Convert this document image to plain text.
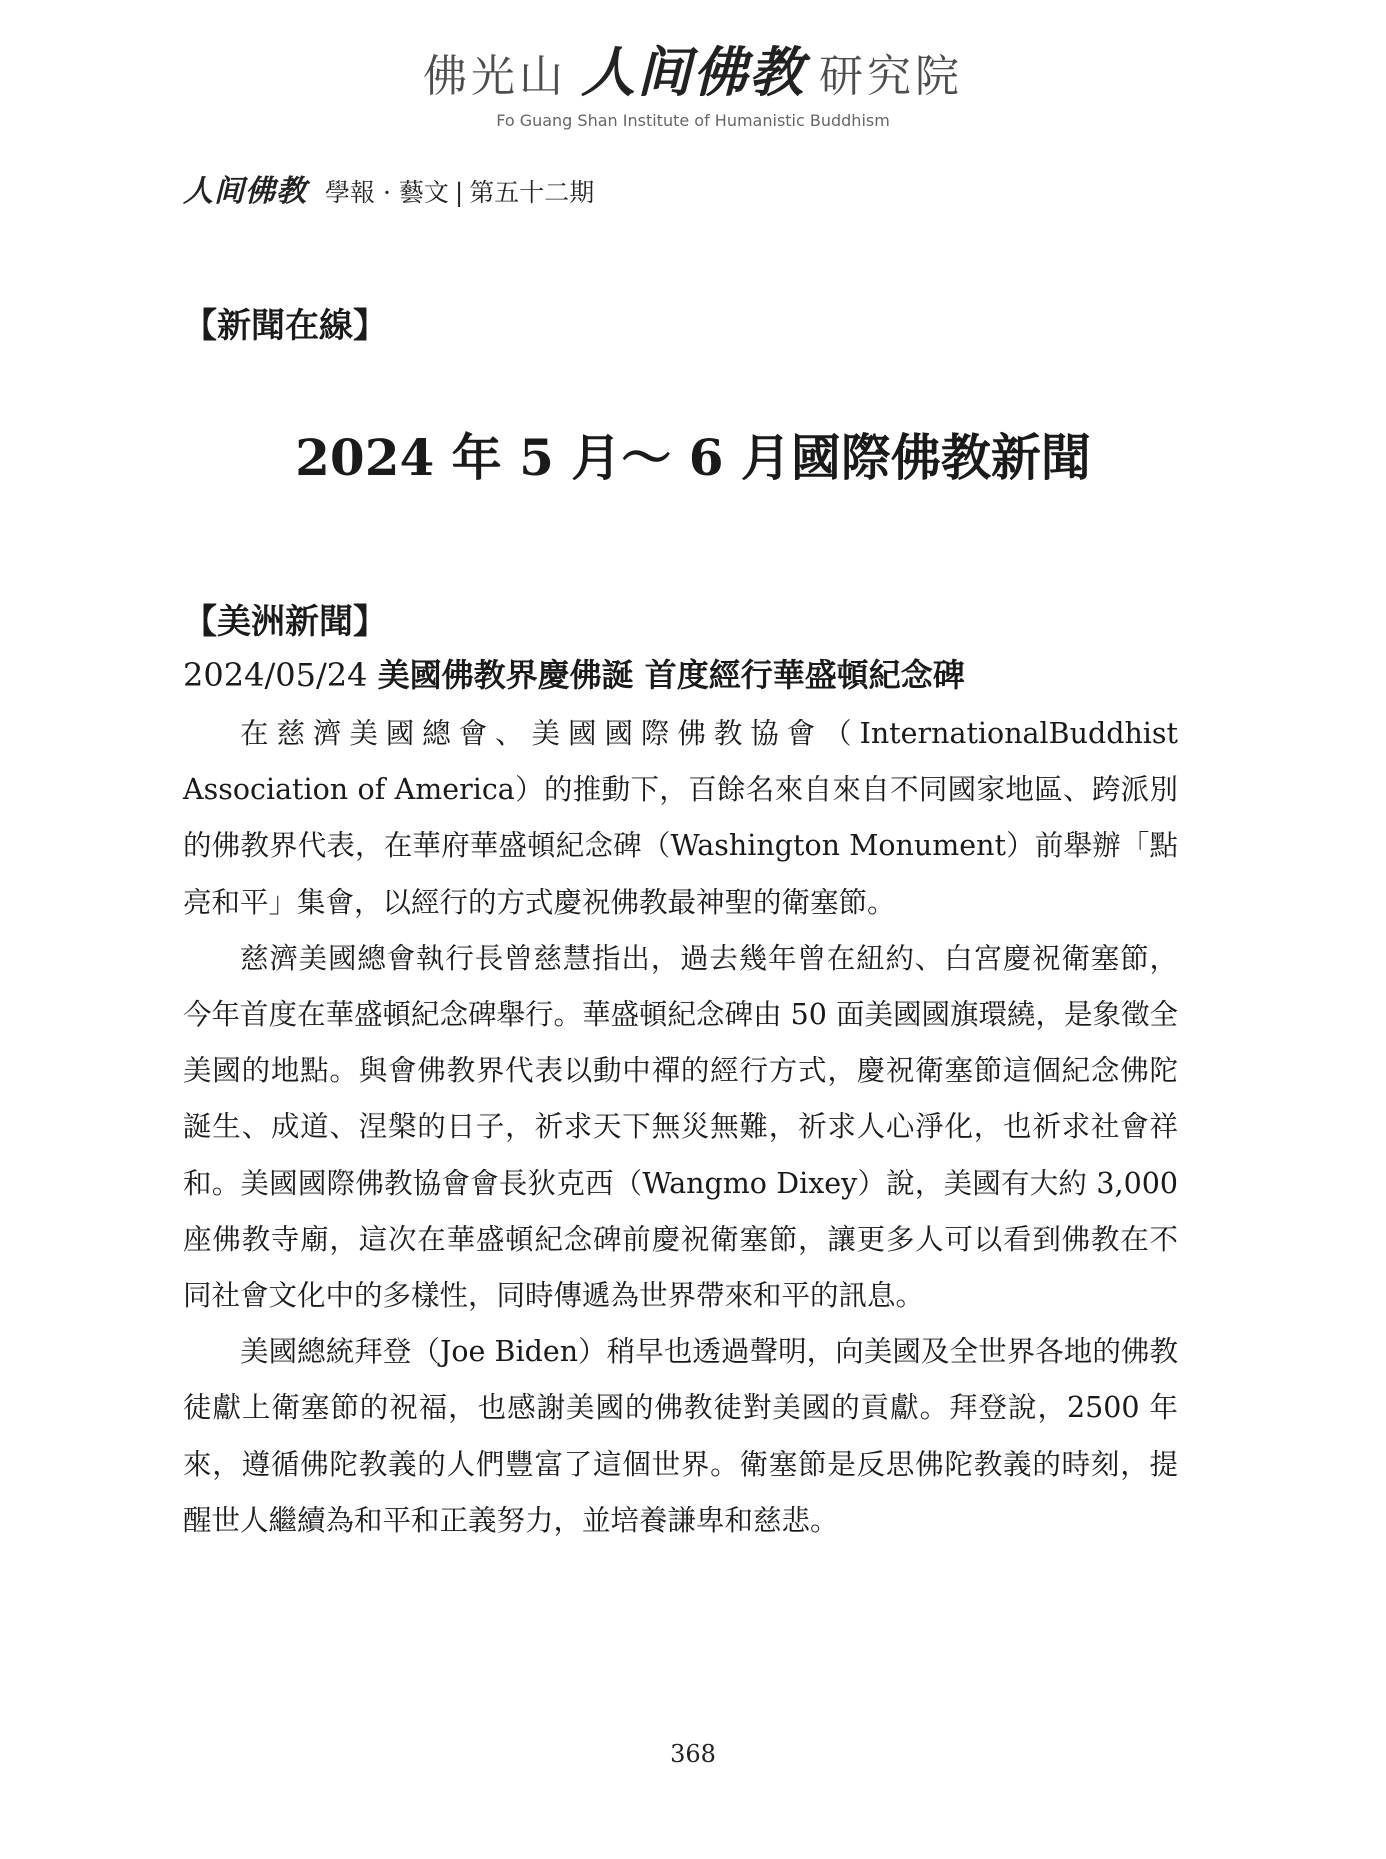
佛光山 人间佛教 研究院
Fo Guang Shan Institute of Humanistic Buddhism
人间佛教 學報 · 藝文 | 第五十二期
【新聞在線】
2024 年 5 月～ 6 月國際佛教新聞
【美洲新聞】
2024/05/24 美國佛教界慶佛誕 首度經行華盛頓紀念碑

在慈濟美國總會、美國國際佛教協會（InternationalBuddhist Association of America）的推動下，百餘名來自來自不同國家地區、跨派別的佛教界代表，在華府華盛頓紀念碑（Washington Monument）前舉辦「點亮和平」集會，以經行的方式慶祝佛教最神聖的衛塞節。

慈濟美國總會執行長曾慈慧指出，過去幾年曾在紐約、白宮慶祝衛塞節，今年首度在華盛頓紀念碑舉行。華盛頓紀念碑由 50 面美國國旗環繞，是象徵全美國的地點。與會佛教界代表以動中禪的經行方式，慶祝衛塞節這個紀念佛陀誕生、成道、涅槃的日子，祈求天下無災無難，祈求人心淨化，也祈求社會祥和。美國國際佛教協會會長狄克西（Wangmo Dixey）說，美國有大約 3,000 座佛教寺廟，這次在華盛頓紀念碑前慶祝衛塞節，讓更多人可以看到佛教在不同社會文化中的多樣性，同時傳遞為世界帶來和平的訊息。

美國總統拜登（Joe Biden）稍早也透過聲明，向美國及全世界各地的佛教徒獻上衛塞節的祝福，也感謝美國的佛教徒對美國的貢獻。拜登說，2500 年來，遵循佛陀教義的人們豐富了這個世界。衛塞節是反思佛陀教義的時刻，提醒世人繼續為和平和正義努力，並培養謙卑和慈悲。

368
